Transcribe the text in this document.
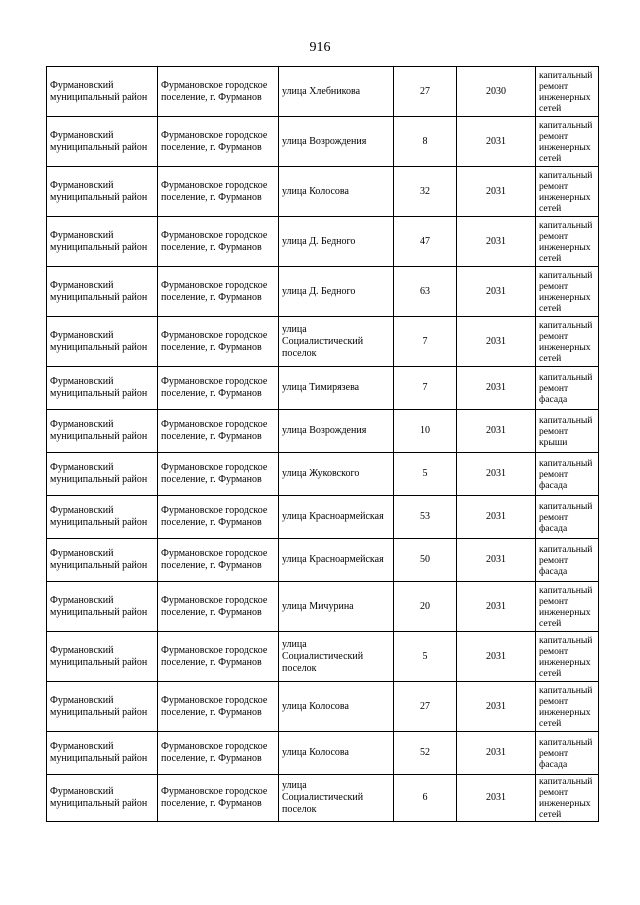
916
Фурмановский муниципальный район	Фурмановское городское поселение, г. Фурманов	улица Хлебникова	27	2030	капитальный ремонт инженерных сетей
Фурмановский муниципальный район	Фурмановское городское поселение, г. Фурманов	улица Возрождения	8	2031	капитальный ремонт инженерных сетей
Фурмановский муниципальный район	Фурмановское городское поселение, г. Фурманов	улица Колосова	32	2031	капитальный ремонт инженерных сетей
Фурмановский муниципальный район	Фурмановское городское поселение, г. Фурманов	улица Д. Бедного	47	2031	капитальный ремонт инженерных сетей
Фурмановский муниципальный район	Фурмановское городское поселение, г. Фурманов	улица Д. Бедного	63	2031	капитальный ремонт инженерных сетей
Фурмановский муниципальный район	Фурмановское городское поселение, г. Фурманов	улица Социалистический поселок	7	2031	капитальный ремонт инженерных сетей
Фурмановский муниципальный район	Фурмановское городское поселение, г. Фурманов	улица Тимирязева	7	2031	капитальный ремонт фасада
Фурмановский муниципальный район	Фурмановское городское поселение, г. Фурманов	улица Возрождения	10	2031	капитальный ремонт крыши
Фурмановский муниципальный район	Фурмановское городское поселение, г. Фурманов	улица Жуковского	5	2031	капитальный ремонт фасада
Фурмановский муниципальный район	Фурмановское городское поселение, г. Фурманов	улица Красноармейская	53	2031	капитальный ремонт фасада
Фурмановский муниципальный район	Фурмановское городское поселение, г. Фурманов	улица Красноармейская	50	2031	капитальный ремонт фасада
Фурмановский муниципальный район	Фурмановское городское поселение, г. Фурманов	улица Мичурина	20	2031	капитальный ремонт инженерных сетей
Фурмановский муниципальный район	Фурмановское городское поселение, г. Фурманов	улица Социалистический поселок	5	2031	капитальный ремонт инженерных сетей
Фурмановский муниципальный район	Фурмановское городское поселение, г. Фурманов	улица Колосова	27	2031	капитальный ремонт инженерных сетей
Фурмановский муниципальный район	Фурмановское городское поселение, г. Фурманов	улица Колосова	52	2031	капитальный ремонт фасада
Фурмановский муниципальный район	Фурмановское городское поселение, г. Фурманов	улица Социалистический поселок	6	2031	капитальный ремонт инженерных сетей
